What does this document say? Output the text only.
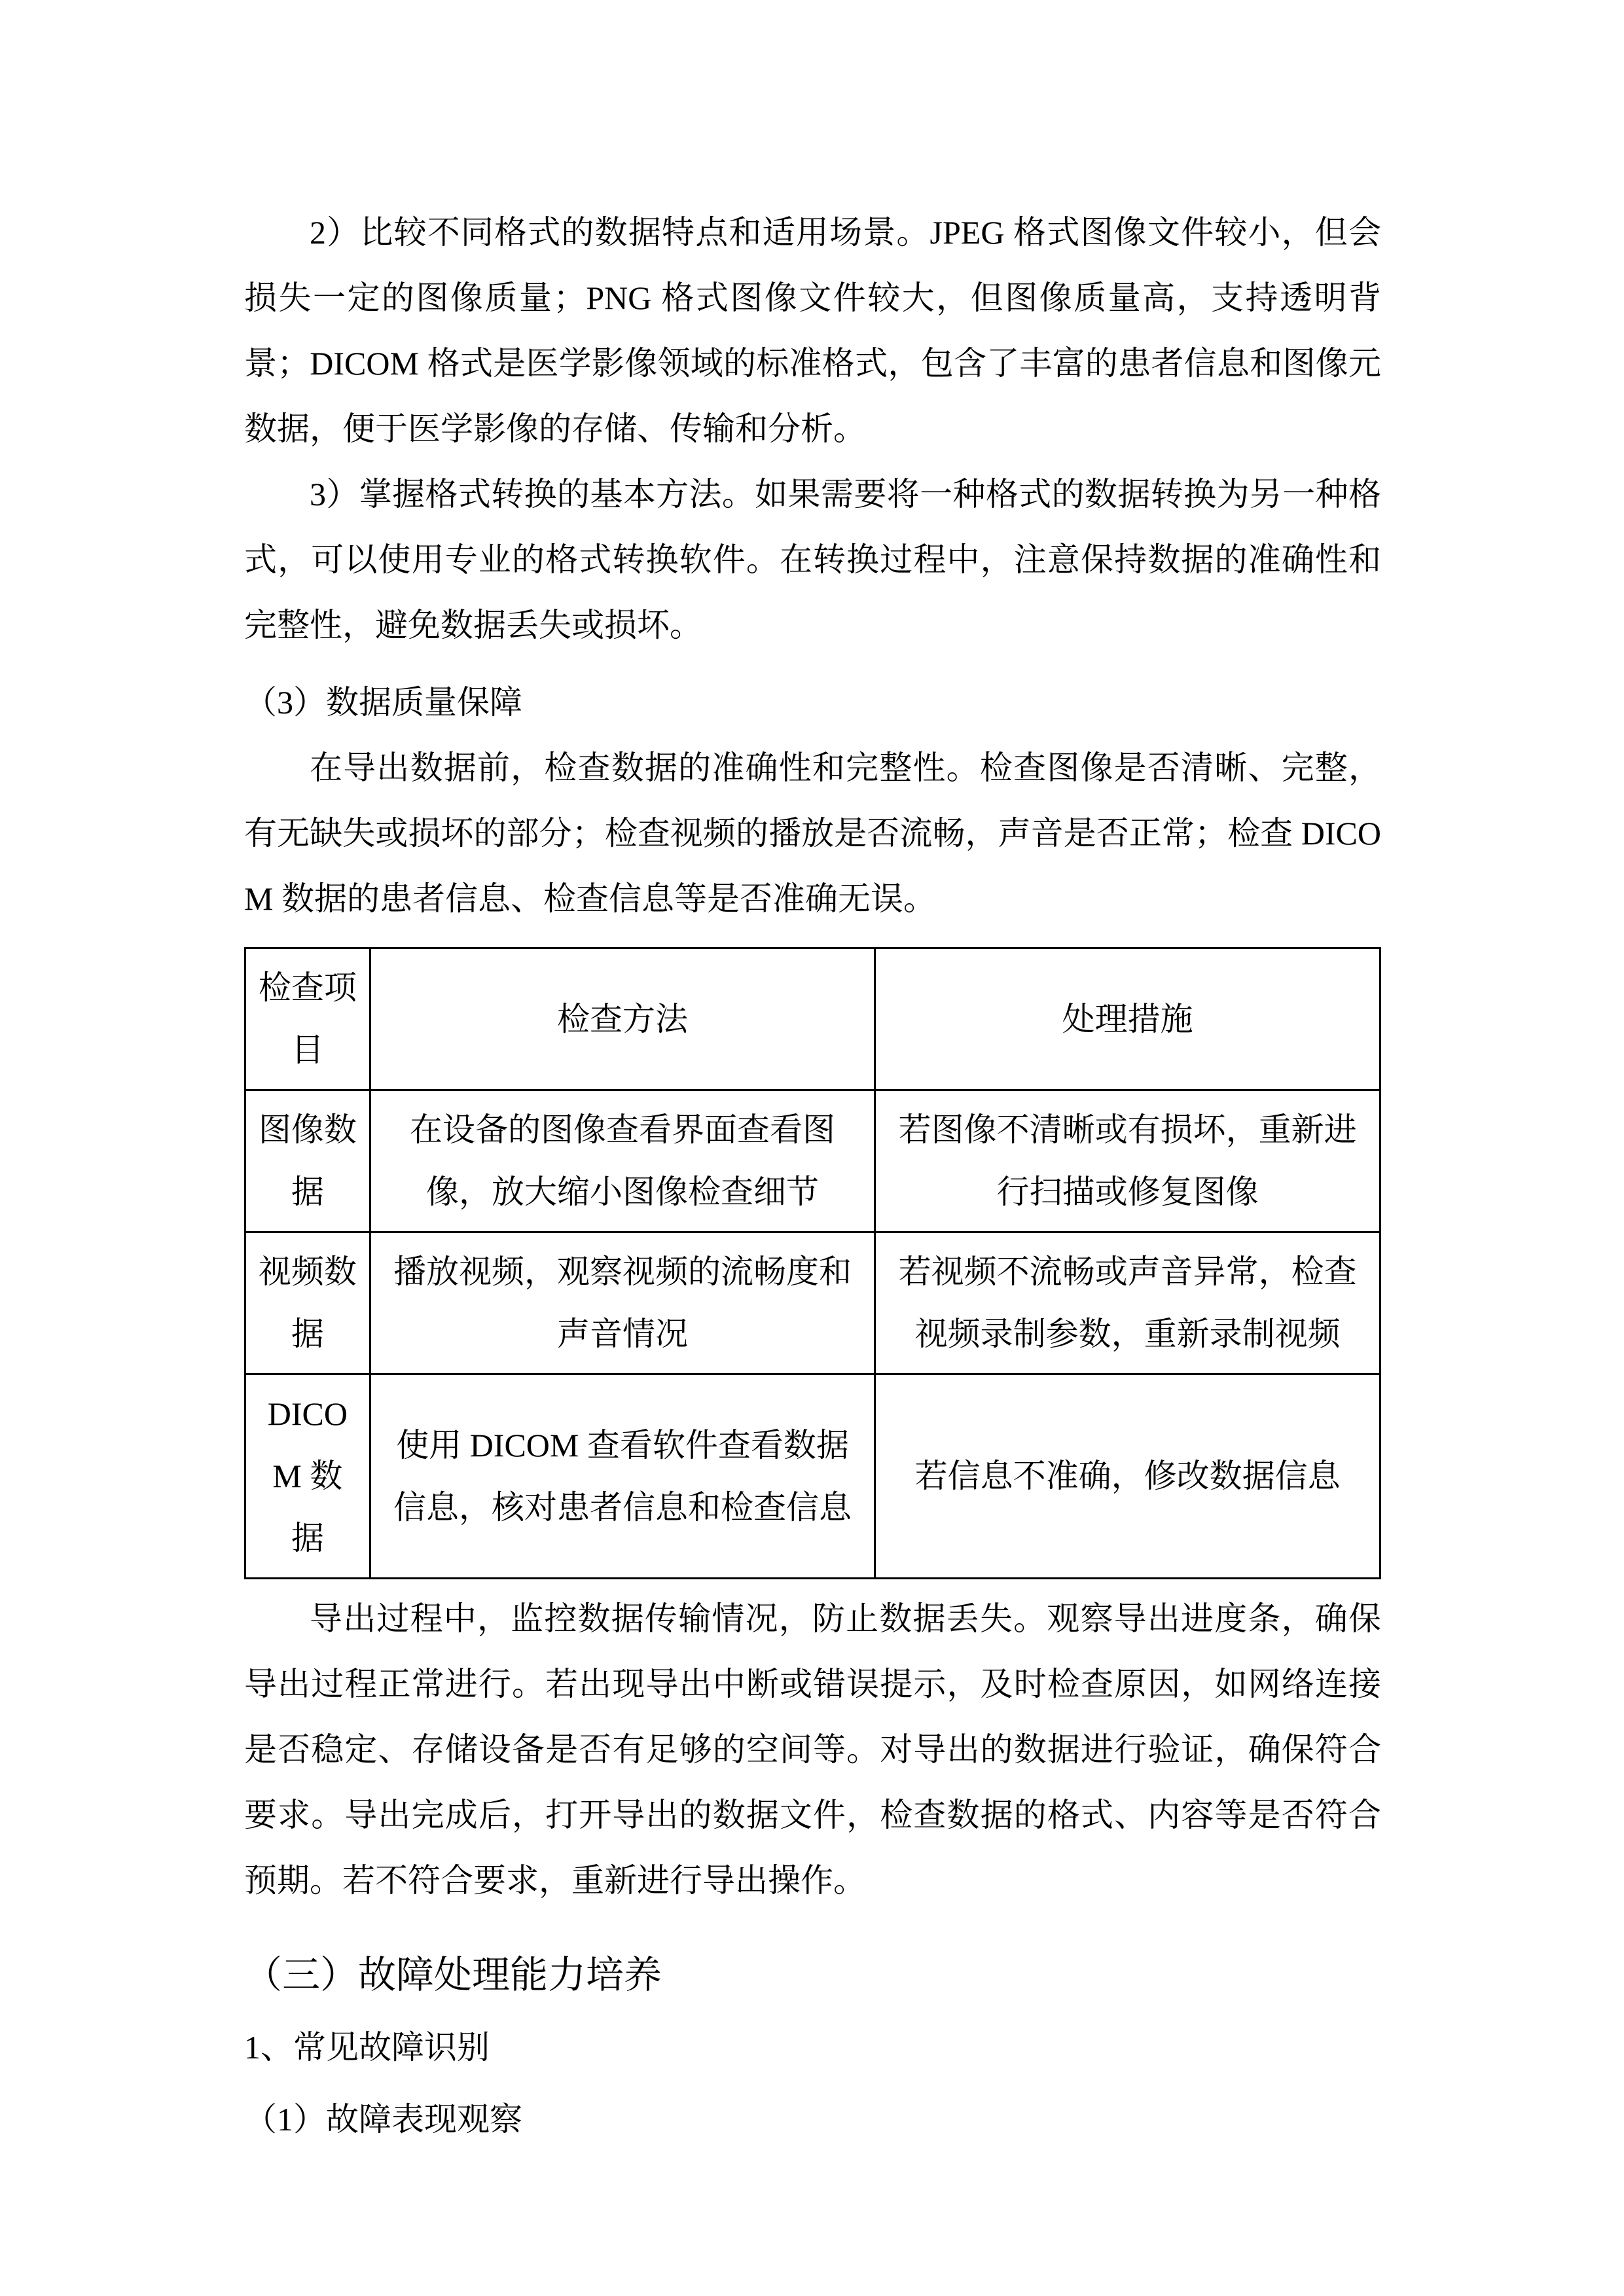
2）比较不同格式的数据特点和适用场景。JPEG 格式图像文件较小，但会损失一定的图像质量；PNG 格式图像文件较大，但图像质量高，支持透明背景；DICOM 格式是医学影像领域的标准格式，包含了丰富的患者信息和图像元数据，便于医学影像的存储、传输和分析。

3）掌握格式转换的基本方法。如果需要将一种格式的数据转换为另一种格式，可以使用专业的格式转换软件。在转换过程中，注意保持数据的准确性和完整性，避免数据丢失或损坏。

（3）数据质量保障

在导出数据前，检查数据的准确性和完整性。检查图像是否清晰、完整，有无缺失或损坏的部分；检查视频的播放是否流畅，声音是否正常；检查 DICOM 数据的患者信息、检查信息等是否准确无误。

检查项目	检查方法	处理措施
图像数据	在设备的图像查看界面查看图像，放大缩小图像检查细节	若图像不清晰或有损坏，重新进行扫描或修复图像
视频数据	播放视频，观察视频的流畅度和声音情况	若视频不流畅或声音异常，检查视频录制参数，重新录制视频
DICOM 数据	使用 DICOM 查看软件查看数据信息，核对患者信息和检查信息	若信息不准确，修改数据信息

导出过程中，监控数据传输情况，防止数据丢失。观察导出进度条，确保导出过程正常进行。若出现导出中断或错误提示，及时检查原因，如网络连接是否稳定、存储设备是否有足够的空间等。对导出的数据进行验证，确保符合要求。导出完成后，打开导出的数据文件，检查数据的格式、内容等是否符合预期。若不符合要求，重新进行导出操作。

（三）故障处理能力培养

1、常见故障识别

（1）故障表现观察
